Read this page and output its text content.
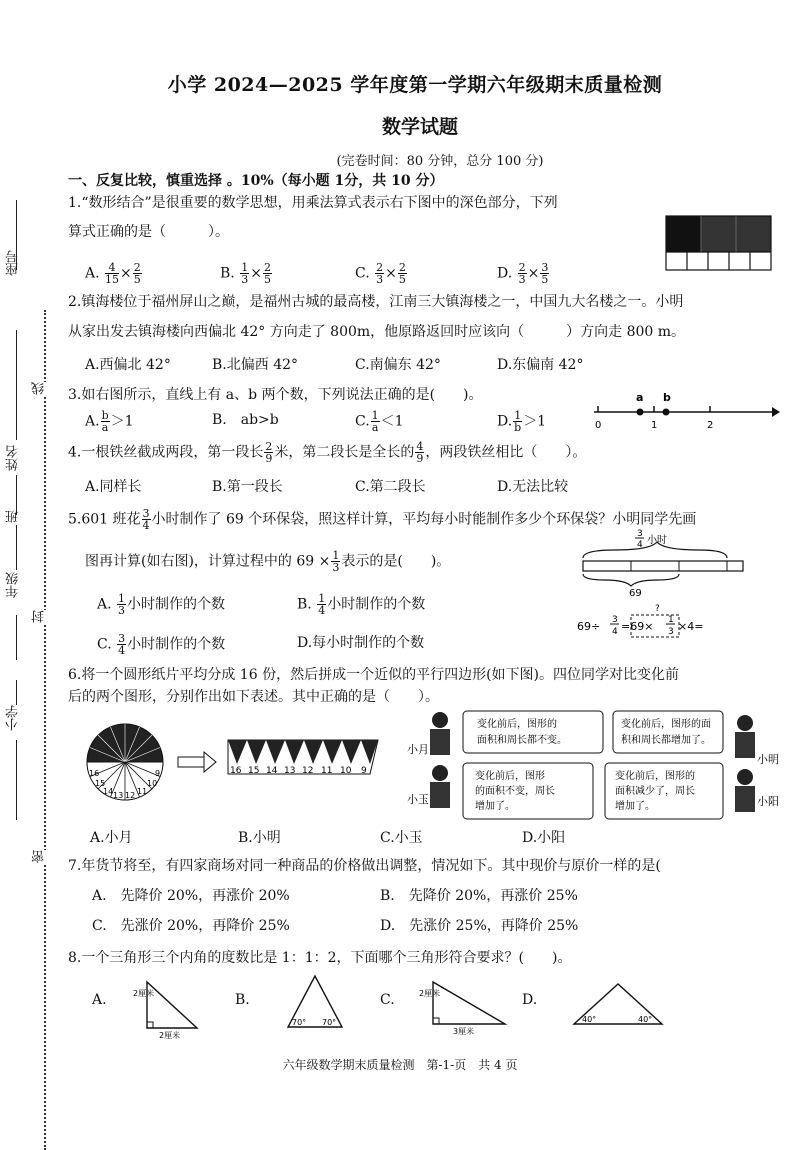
座号
线
姓名
班
年级
封
小学
密
小学 2024—2025 学年度第一学期六年级期末质量检测
数学试题
(完卷时间：80 分钟，总分 100 分)
一、反复比较，慎重选择 。10%（每小题 1分，共 10 分）
1.“数形结合”是很重要的数学思想，用乘法算式表示右下图中的深色部分，下列
算式正确的是（　　　）。
A. $\frac{4}{15} \times \frac{2}{5}$	B. $\frac{1}{3} \times \frac{2}{5}$	C. $\frac{2}{3} \times \frac{2}{5}$	D. $\frac{2}{3} \times \frac{3}{5}$
2.镇海楼位于福州屏山之巅，是福州古城的最高楼，江南三大镇海楼之一，中国九大名楼之一。小明
从家出发去镇海楼向西偏北 42° 方向走了 800m，他原路返回时应该向（　　　）方向走 800 m。
A.西偏北 42°	B.北偏西 42°	C.南偏东 42°	D.东偏南 42°
3.如右图所示，直线上有 a、b 两个数，下列说法正确的是(　　)。
A. $\frac{b}{a} >1$	B.　ab>b	C. $\frac{1}{a} <1$	D. $\frac{1}{b} >1$
a b
0	1	2
4.一根铁丝截成两段，第一段长 $\frac{2}{9}$ 米，第二段长是全长的 $\frac{4}{9}$ ，两段铁丝相比（　　）。
A.同样长	B.第一段长	C.第二段长	D.无法比较
5.601 班花 $\frac{3}{4}$ 小时制作了 69 个环保袋，照这样计算，平均每小时能制作多少个环保袋？小明同学先画
图再计算(如右图)，计算过程中的 $69 \times \frac{1}{3}$ 表示的是(　　)。
A. $\frac{1}{3}$ 小时制作的个数	B. $\frac{1}{4}$ 小时制作的个数
C. $\frac{3}{4}$ 小时制作的个数	D.每小时制作的个数
3
4 小时
69
?
69÷ 3
4 =69× 1
3 ×4=
6.将一个圆形纸片平均分成 16 份，然后拼成一个近似的平行四边形(如下图)。四位同学对比变化前
后的两个图形，分别作出如下表述。其中正确的是（　　）。
16
15
14 13 12 11
10
9	16 15 14 13 12 11 10 9
小月
变化前后，图形的
面积和周长都不变。
变化前后，图形的面
积和周长都增加了。
小明
小玉
变化前后，图形
的面积不变，周长
增加了。
变化前后，图形的
面积减少了，周长
增加了。	小阳
A.小月	B.小明	C.小玉	D.小阳
7.年货节将至，有四家商场对同一种商品的价格做出调整，情况如下。其中现价与原价一样的是(
A.　先降价 20%，再涨价 20%	B.　先降价 20%，再涨价 25%
C.　先涨价 20%，再降价 25%	D.　先涨价 25%，再降价 25%
8.一个三角形三个内角的度数比是 1：1：2，下面哪个三角形符合要求？(　　)。
A.	B.	C.	D.
2厘米
2厘米
70° 70°
2厘米
3厘米
40°	40°
六年级数学期末质量检测　第-1-页　共 4 页
